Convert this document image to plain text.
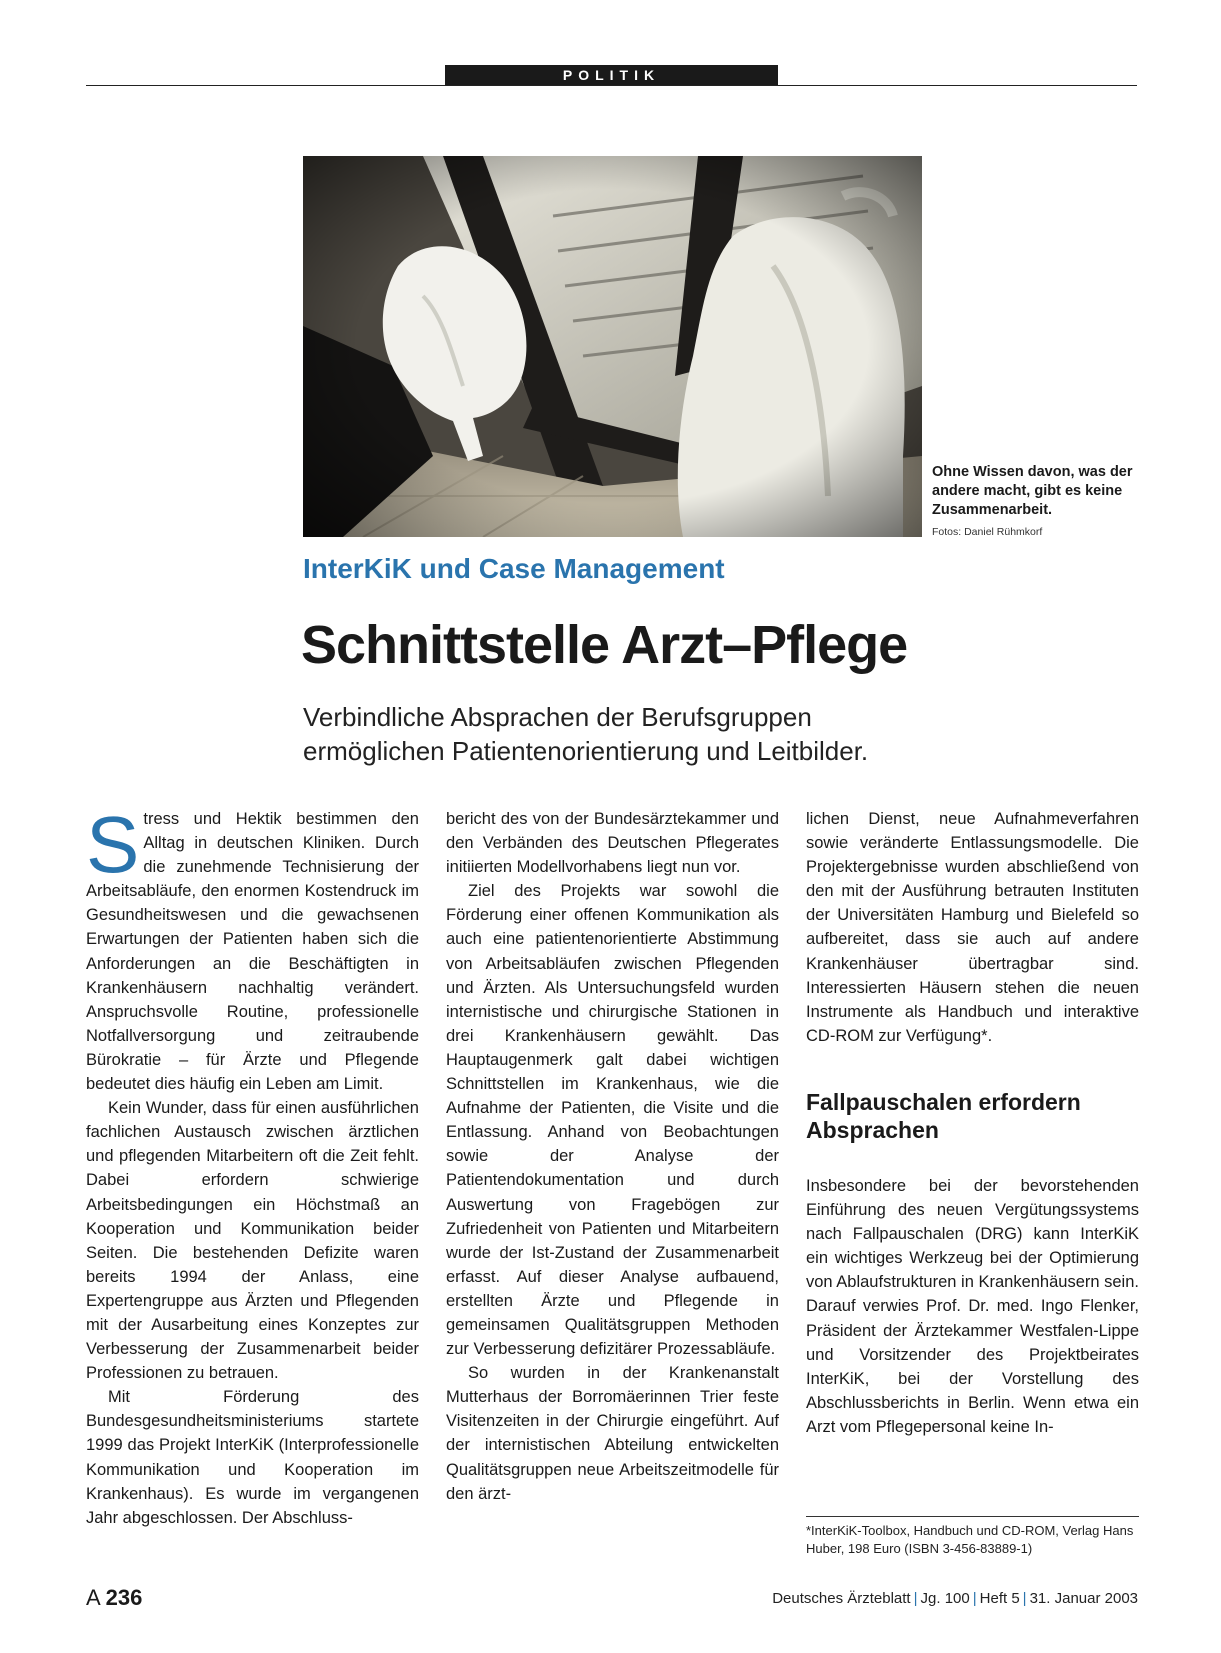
POLITIK
Ohne Wissen davon, was der andere macht, gibt es keine Zusammenarbeit.
Fotos: Daniel Rühmkorf
InterKiK und Case Management
Schnittstelle Arzt–Pflege
Verbindliche Absprachen der Berufsgruppen
ermöglichen Patientenorientierung und Leitbilder.

Stress und Hektik bestimmen den Alltag in deutschen Kliniken. Durch die zunehmende Technisierung der Arbeitsabläufe, den enormen Kostendruck im Gesundheitswesen und die gewachsenen Erwartungen der Patienten haben sich die Anforderungen an die Beschäftigten in Krankenhäusern nachhaltig verändert. Anspruchsvolle Routine, professionelle Notfallversorgung und zeitraubende Bürokratie – für Ärzte und Pflegende bedeutet dies häufig ein Leben am Limit.

Kein Wunder, dass für einen ausführlichen fachlichen Austausch zwischen ärztlichen und pflegenden Mitarbeitern oft die Zeit fehlt. Dabei erfordern schwierige Arbeitsbedingungen ein Höchstmaß an Kooperation und Kommunikation beider Seiten. Die bestehenden Defizite waren bereits 1994 der Anlass, eine Expertengruppe aus Ärzten und Pflegenden mit der Ausarbeitung eines Konzeptes zur Verbesserung der Zusammenarbeit beider Professionen zu betrauen.

Mit Förderung des Bundesgesundheitsministeriums startete 1999 das Projekt InterKiK (Interprofessionelle Kommunikation und Kooperation im Krankenhaus). Es wurde im vergangenen Jahr abgeschlossen. Der Abschluss-

bericht des von der Bundesärztekammer und den Verbänden des Deutschen Pflegerates initiierten Modellvorhabens liegt nun vor.

Ziel des Projekts war sowohl die Förderung einer offenen Kommunikation als auch eine patientenorientierte Abstimmung von Arbeitsabläufen zwischen Pflegenden und Ärzten. Als Untersuchungsfeld wurden internistische und chirurgische Stationen in drei Krankenhäusern gewählt. Das Hauptaugenmerk galt dabei wichtigen Schnittstellen im Krankenhaus, wie die Aufnahme der Patienten, die Visite und die Entlassung. Anhand von Beobachtungen sowie der Analyse der Patientendokumentation und durch Auswertung von Fragebögen zur Zufriedenheit von Patienten und Mitarbeitern wurde der Ist-Zustand der Zusammenarbeit erfasst. Auf dieser Analyse aufbauend, erstellten Ärzte und Pflegende in gemeinsamen Qualitätsgruppen Methoden zur Verbesserung defizitärer Prozessabläufe.

So wurden in der Krankenanstalt Mutterhaus der Borromäerinnen Trier feste Visitenzeiten in der Chirurgie eingeführt. Auf der internistischen Abteilung entwickelten Qualitätsgruppen neue Arbeitszeitmodelle für den ärzt-

lichen Dienst, neue Aufnahmeverfahren sowie veränderte Entlassungsmodelle. Die Projektergebnisse wurden abschließend von den mit der Ausführung betrauten Instituten der Universitäten Hamburg und Bielefeld so aufbereitet, dass sie auch auf andere Krankenhäuser übertragbar sind. Interessierten Häusern stehen die neuen Instrumente als Handbuch und interaktive CD-ROM zur Verfügung*.

Fallpauschalen erfordern Absprachen

Insbesondere bei der bevorstehenden Einführung des neuen Vergütungssystems nach Fallpauschalen (DRG) kann InterKiK ein wichtiges Werkzeug bei der Optimierung von Ablaufstrukturen in Krankenhäusern sein. Darauf verwies Prof. Dr. med. Ingo Flenker, Präsident der Ärztekammer Westfalen-Lippe und Vorsitzender des Projektbeirates InterKiK, bei der Vorstellung des Abschlussberichts in Berlin. Wenn etwa ein Arzt vom Pflegepersonal keine In-

*InterKiK-Toolbox, Handbuch und CD-ROM, Verlag Hans Huber, 198 Euro (ISBN 3-456-83889-1)
A 236	Deutsches Ärzteblatt | Jg. 100 | Heft 5 | 31. Januar 2003
